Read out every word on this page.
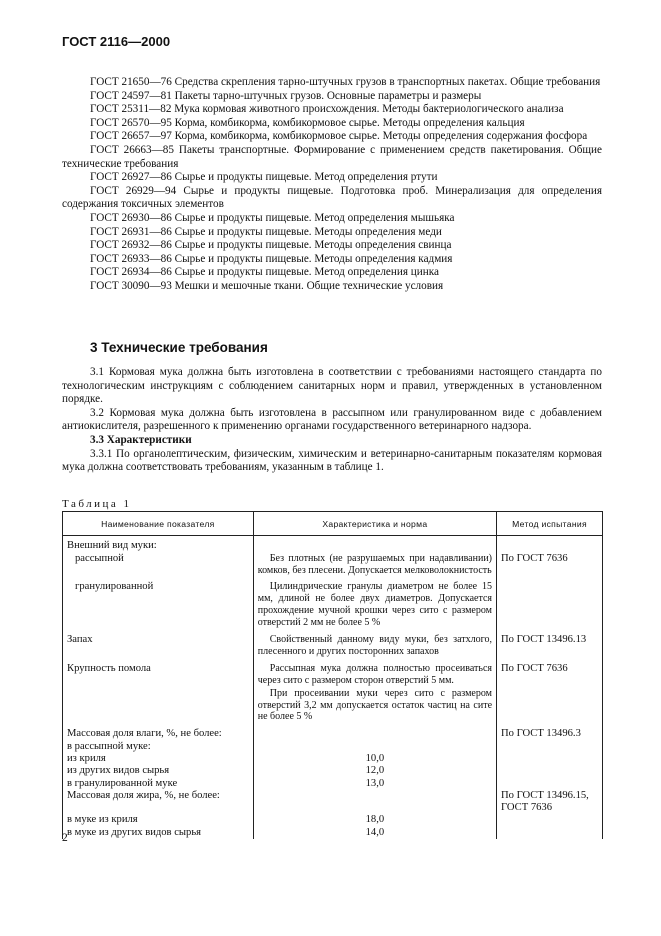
ГОСТ 2116—2000
ГОСТ 21650—76 Средства скрепления тарно-штучных грузов в транспортных пакетах. Общие требования
ГОСТ 24597—81 Пакеты тарно-штучных грузов. Основные параметры и размеры
ГОСТ 25311—82 Мука кормовая животного происхождения. Методы бактериологического анализа
ГОСТ 26570—95 Корма, комбикорма, комбикормовое сырье. Методы определения кальция
ГОСТ 26657—97 Корма, комбикорма, комбикормовое сырье. Методы определения содержания фосфора
ГОСТ 26663—85 Пакеты транспортные. Формирование с применением средств пакетирования. Общие технические требования
ГОСТ 26927—86 Сырье и продукты пищевые. Метод определения ртути
ГОСТ 26929—94 Сырье и продукты пищевые. Подготовка проб. Минерализация для определения содержания токсичных элементов
ГОСТ 26930—86 Сырье и продукты пищевые. Метод определения мышьяка
ГОСТ 26931—86 Сырье и продукты пищевые. Методы определения меди
ГОСТ 26932—86 Сырье и продукты пищевые. Методы определения свинца
ГОСТ 26933—86 Сырье и продукты пищевые. Методы определения кадмия
ГОСТ 26934—86 Сырье и продукты пищевые. Метод определения цинка
ГОСТ 30090—93 Мешки и мешочные ткани. Общие технические условия
3 Технические требования
3.1 Кормовая мука должна быть изготовлена в соответствии с требованиями настоящего стандарта по технологическим инструкциям с соблюдением санитарных норм и правил, утвержденных в установленном порядке.
3.2 Кормовая мука должна быть изготовлена в рассыпном или гранулированном виде с добавлением антиокислителя, разрешенного к применению органами государственного ветеринарного надзора.
3.3 Характеристики
3.3.1 По органолептическим, физическим, химическим и ветеринарно-санитарным показателям кормовая мука должна соответствовать требованиям, указанным в таблице 1.
Таблица 1
Наименование показателя	Характеристика и норма	Метод испытания
Внешний вид муки:		
рассыпной	Без плотных (не разрушаемых при надавливании) комков, без плесени. Допускается мелковолокнистость	По ГОСТ 7636
гранулированной	Цилиндрические гранулы диаметром не более 15 мм, длиной не более двух диаметров. Допускается прохождение мучной крошки через сито с размером отверстий 2 мм не более 5 %	

Запах	Свойственный данному виду муки, без затхлого, плесенного и других посторонних запахов	По ГОСТ 13496.13
Крупность помола	Рассыпная мука должна полностью просеиваться через сито с размером сторон отверстий 5 мм.
При просеивании муки через сито с размером отверстий 3,2 мм допускается остаток частиц на сите не более 5 %	По ГОСТ 7636
Массовая доля влаги, %, не более:		По ГОСТ 13496.3
в рассыпной муке:		
из криля	10,0	
из других видов сырья	12,0	
в гранулированной муке	13,0	
Массовая доля жира, %, не более:		По ГОСТ 13496.15, ГОСТ 7636
в муке из криля	18,0	
в муке из других видов сырья	14,0	
2
